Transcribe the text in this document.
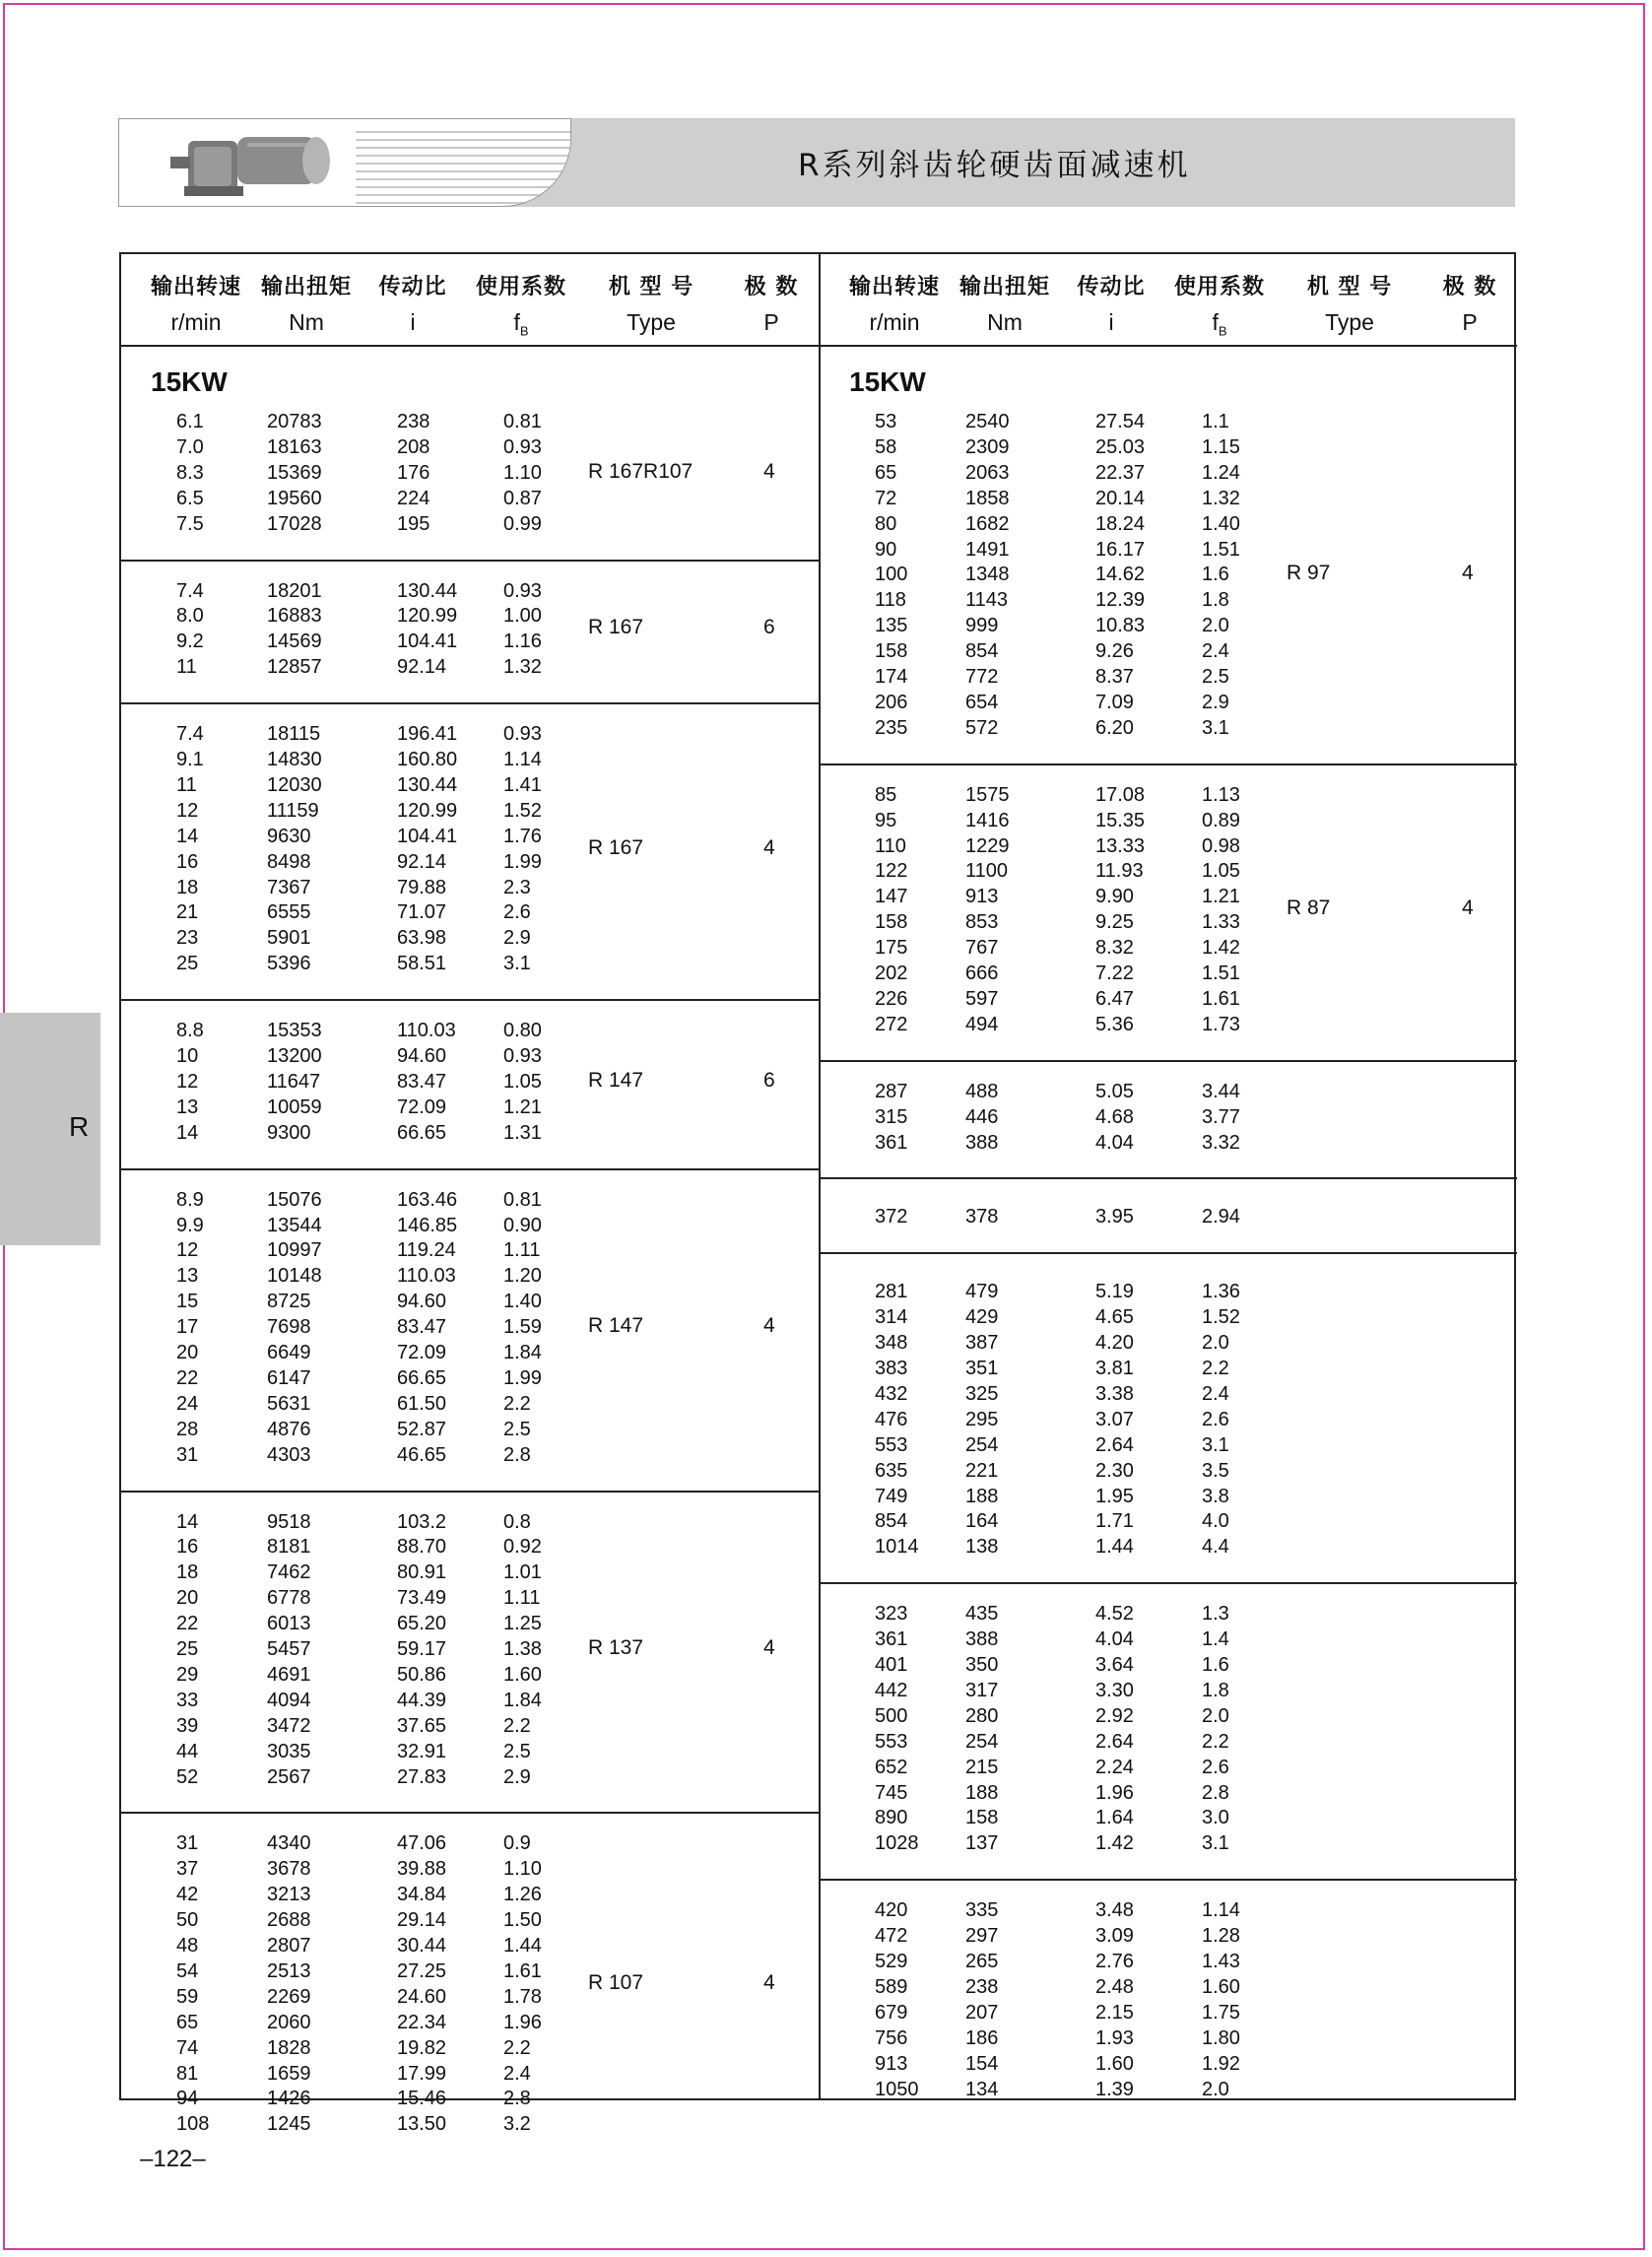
R系列斜齿轮硬齿面减速机
R
输出转速
r/min
输出扭矩
Nm
传动比
i
使用系数
$f_B$
机 型 号
Type
极 数
P
15KW
6.1	20783	238	0.81
7.0	18163	208	0.93
8.3	15369	176	1.10
6.5	19560	224	0.87
7.5	17028	195	0.99
R 167R107	4
7.4	18201	130.44 0.93
8.0	16883	120.99 1.00
9.2	14569	104.41 1.16
11	12857	92.14	1.32
R 167	6
7.4	18115	196.41 0.93
9.1	14830	160.80 1.14
11	12030	130.44 1.41
12	11159	120.99 1.52
14	9630	104.41 1.76
16	8498	92.14	1.99
18	7367	79.88	2.3
21	6555	71.07	2.6
23	5901	63.98	2.9
25	5396	58.51	3.1
R 167	4
8.8	15353	110.03 0.80
10	13200	94.60	0.93
12	11647	83.47	1.05
13	10059	72.09	1.21
14	9300	66.65	1.31
R 147	6
8.9	15076	163.46 0.81
9.9	13544	146.85 0.90
12	10997	119.24 1.11
13	10148	110.03 1.20
15	8725	94.60	1.40
17	7698	83.47	1.59
20	6649	72.09	1.84
22	6147	66.65	1.99
24	5631	61.50	2.2
28	4876	52.87	2.5
31	4303	46.65	2.8
R 147	4
14	9518	103.2	0.8
16	8181	88.70	0.92
18	7462	80.91	1.01
20	6778	73.49	1.11
22	6013	65.20	1.25
25	5457	59.17	1.38
29	4691	50.86	1.60
33	4094	44.39	1.84
39	3472	37.65	2.2
44	3035	32.91	2.5
52	2567	27.83	2.9
R 137	4
31	4340	47.06	0.9
37	3678	39.88	1.10
42	3213	34.84	1.26
50	2688	29.14	1.50
48	2807	30.44	1.44
54	2513	27.25	1.61
59	2269	24.60	1.78
65	2060	22.34	1.96
74	1828	19.82	2.2
81	1659	17.99	2.4
94	1426	15.46	2.8
108	1245	13.50	3.2
R 107	4
输出转速
r/min
输出扭矩
Nm
传动比
i
使用系数
$f_B$
机 型 号
Type
极 数
P
15KW
53	2540	27.54	1.1
58	2309	25.03	1.15
65	2063	22.37	1.24
72	1858	20.14	1.32
80	1682	18.24	1.40
90	1491	16.17	1.51
100	1348	14.62	1.6
118	1143	12.39	1.8
135	999	10.83	2.0
158	854	9.26	2.4
174	772	8.37	2.5
206	654	7.09	2.9
235	572	6.20	3.1
R 97	4
85	1575	17.08	1.13
95	1416	15.35	0.89
110	1229	13.33	0.98
122	1100	11.93	1.05
147	913	9.90	1.21
158	853	9.25	1.33
175	767	8.32	1.42
202	666	7.22	1.51
226	597	6.47	1.61
272	494	5.36	1.73
R 87	4
287	488	5.05	3.44
315	446	4.68	3.77
361	388	4.04	3.32
372	378	3.95	2.94
281	479	5.19	1.36
314	429	4.65	1.52
348	387	4.20	2.0
383	351	3.81	2.2
432	325	3.38	2.4
476	295	3.07	2.6
553	254	2.64	3.1
635	221	2.30	3.5
749	188	1.95	3.8
854	164	1.71	4.0
1014 138	1.44	4.4
323	435	4.52	1.3
361	388	4.04	1.4
401	350	3.64	1.6
442	317	3.30	1.8
500	280	2.92	2.0
553	254	2.64	2.2
652	215	2.24	2.6
745	188	1.96	2.8
890	158	1.64	3.0
1028 137	1.42	3.1
420	335	3.48	1.14
472	297	3.09	1.28
529	265	2.76	1.43
589	238	2.48	1.60
679	207	2.15	1.75
756	186	1.93	1.80
913	154	1.60	1.92
1050 134	1.39	2.0
–122–
